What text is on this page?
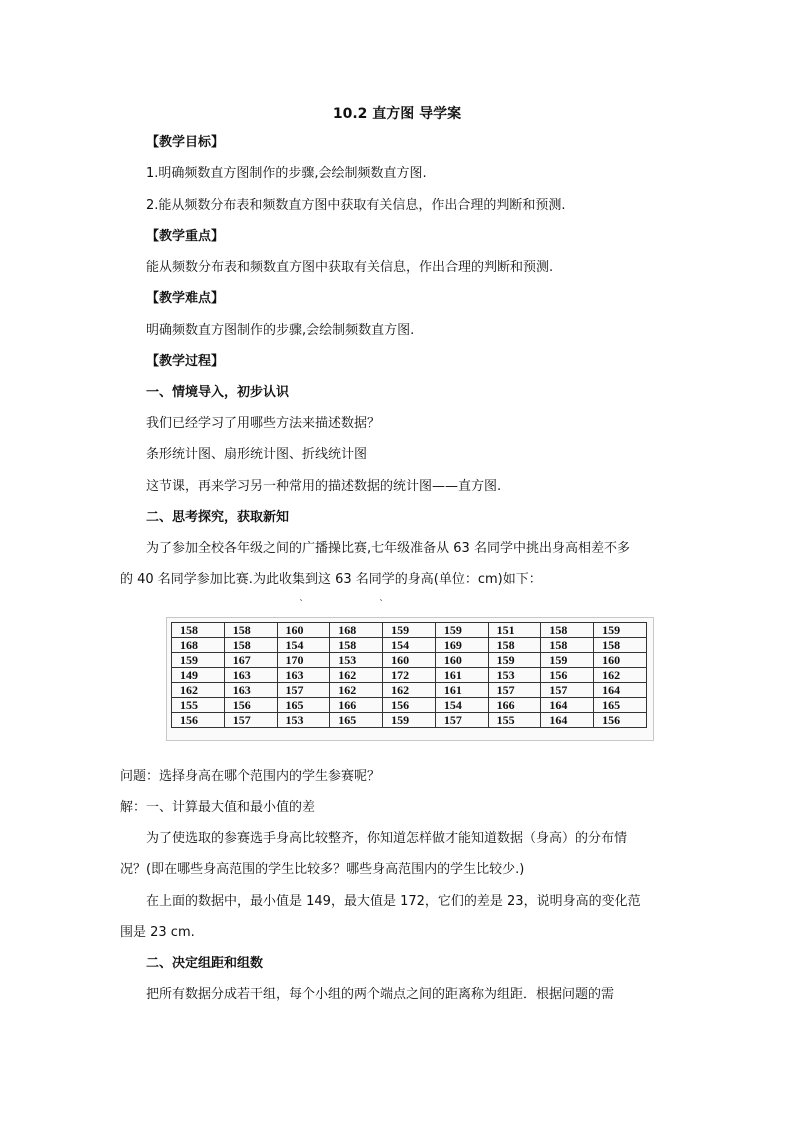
10.2 直方图 导学案
【教学目标】
1.明确频数直方图制作的步骤,会绘制频数直方图.
2.能从频数分布表和频数直方图中获取有关信息，作出合理的判断和预测.
【教学重点】
能从频数分布表和频数直方图中获取有关信息，作出合理的判断和预测.
【教学难点】
明确频数直方图制作的步骤,会绘制频数直方图.
【教学过程】
一、情境导入，初步认识
我们已经学习了用哪些方法来描述数据？
条形统计图、扇形统计图、折线统计图
这节课，再来学习另一种常用的描述数据的统计图——直方图.
二、思考探究，获取新知
为了参加全校各年级之间的广播操比赛,七年级准备从 63 名同学中挑出身高相差不多
的 40 名同学参加比赛.为此收集到这 63 名同学的身高(单位：cm)如下：
`	`
158	158	160	168	159	159	151	158	159
168	158	154	158	154	169	158	158	158
159	167	170	153	160	160	159	159	160
149	163	163	162	172	161	153	156	162
162	163	157	162	162	161	157	157	164
155	156	165	166	156	154	166	164	165
156	157	153	165	159	157	155	164	156
问题：选择身高在哪个范围内的学生参赛呢？
解：一、计算最大值和最小值的差
为了使选取的参赛选手身高比较整齐，你知道怎样做才能知道数据（身高）的分布情
况？(即在哪些身高范围的学生比较多？哪些身高范围内的学生比较少.)
在上面的数据中，最小值是 149，最大值是 172，它们的差是 23，说明身高的变化范
围是 23 cm.
二、决定组距和组数
把所有数据分成若干组，每个小组的两个端点之间的距离称为组距．根据问题的需
